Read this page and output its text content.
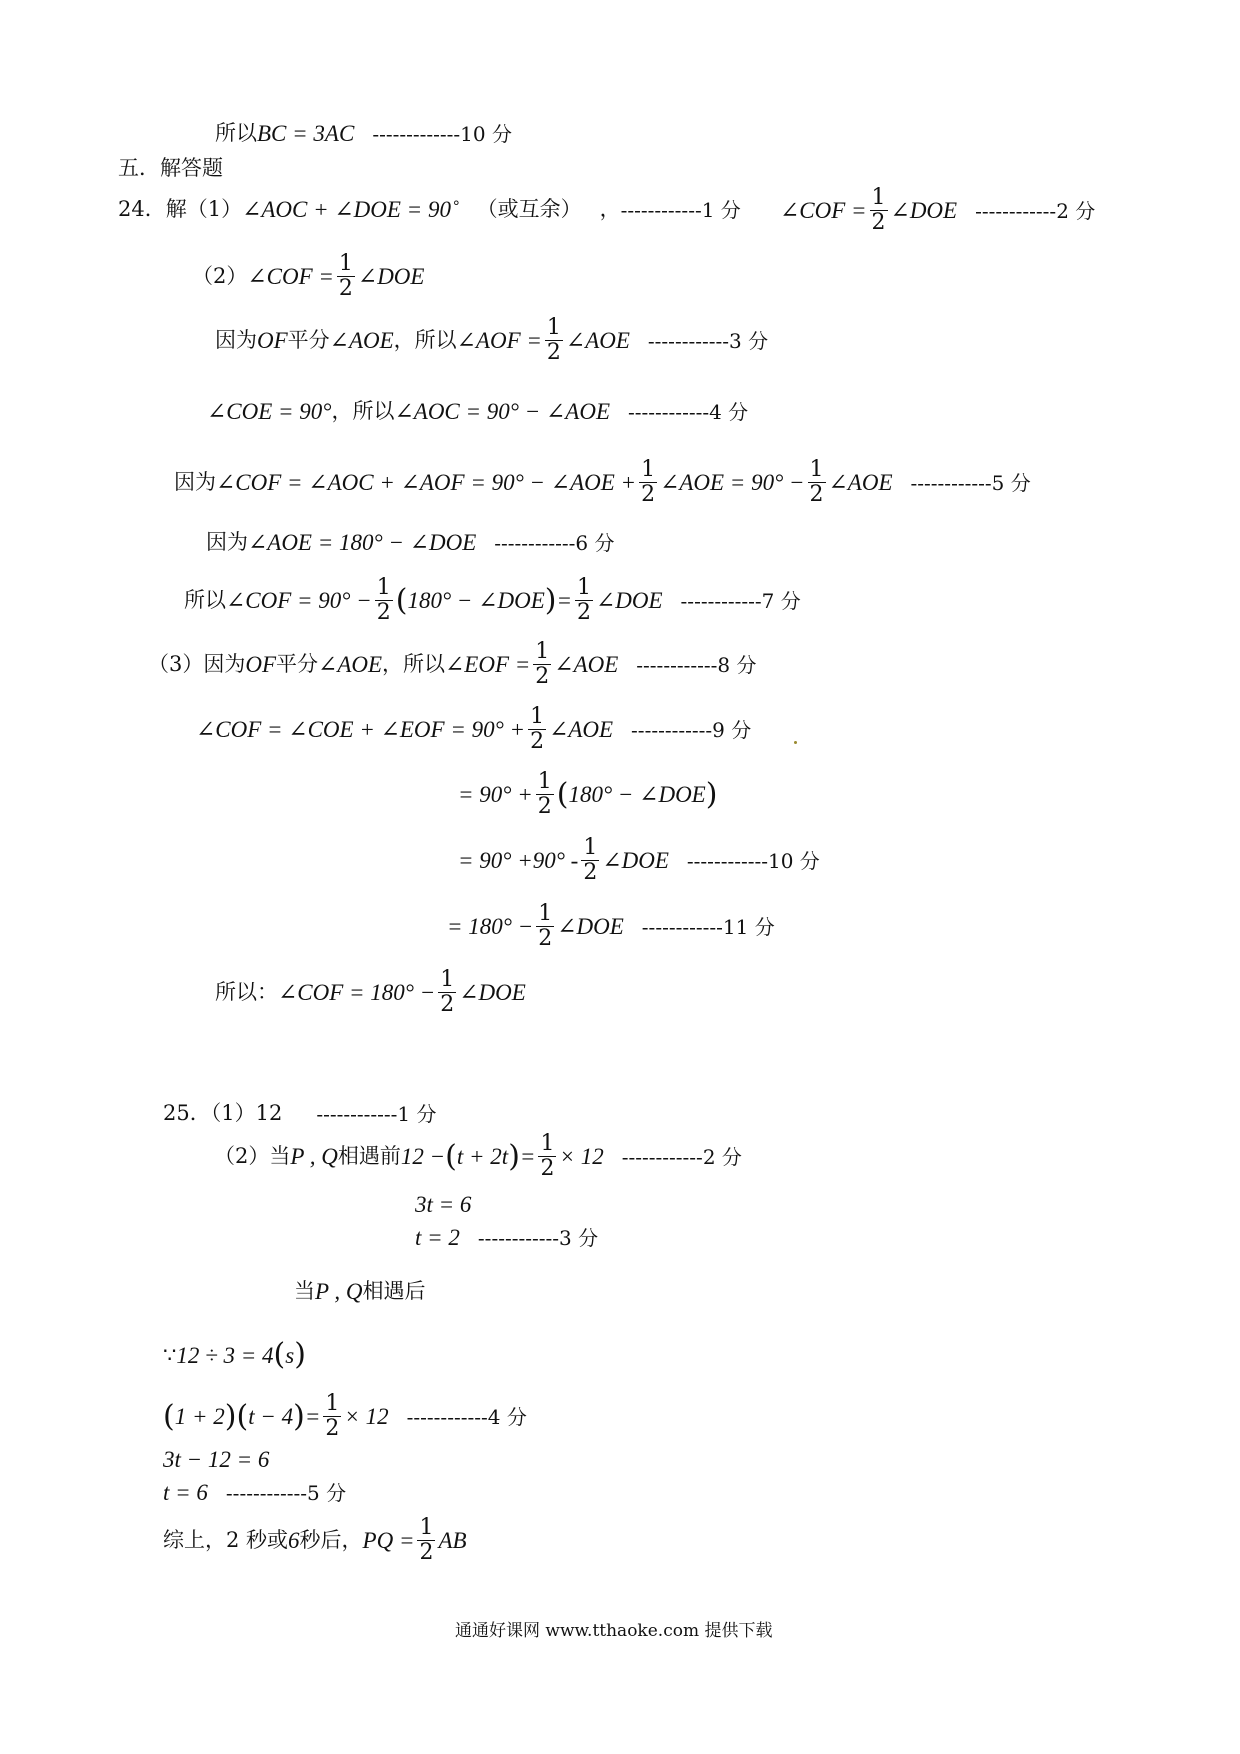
所以BC = 3AC -------------10 分
五．解答题
24．解（1）∠AOC + ∠DOE = 90˚ （或互余） ，------------1 分 ∠COF = $\frac{1}{2}$ ∠DOE ------------2 分
（2）∠COF = $\frac{1}{2}$ ∠DOE
因为OF平分∠AOE，所以∠AOF = $\frac{1}{2}$ ∠AOE ------------3 分
∠COE = 90°，所以∠AOC = 90° − ∠AOE ------------4 分
因为∠COF = ∠AOC + ∠AOF = 90° − ∠AOE + $\frac{1}{2}$ ∠AOE = $90^\circ - \frac{1}{2}$ ∠AOE ------------5 分
因为∠AOE = 180° − ∠DOE ------------6 分
所以∠COF = $90^\circ - \frac{1}{2} (180^\circ$ − ∠DOE)= $\frac{1}{2}$ ∠DOE ------------7 分
（3）因为OF平分∠AOE，所以∠EOF = $\frac{1}{2}$ ∠AOE ------------8 分
∠COF = ∠COE + ∠EOF = $90^\circ + \frac{1}{2}$ ∠AOE ------------9 分
= $90^\circ + \frac{1}{2} (180^\circ$ − ∠DOE)
= $90^\circ +90^\circ - \frac{1}{2}$ ∠DOE ------------10 分
= $180^\circ - \frac{1}{2}$ ∠DOE ------------11 分
所以：∠COF = $180^\circ - \frac{1}{2}$ ∠DOE
25．（1）12 ------------1 分
（2）当P , Q相遇前$12 -(t + 2t)= \frac{1}{2} \times 12$ ------------2 分
3t = 6
t = 2 ------------3 分
当P , Q相遇后
∵12 ÷ 3 = 4(s)
$(1 + 2)(t - 4)= \frac{1}{2} \times 12$ ------------4 分
3t − 12 = 6
t = 6 ------------5 分
综上，2 秒或6秒后，PQ = $\frac{1}{2}$ AB
通通好课网 www.tthaoke.com 提供下载
